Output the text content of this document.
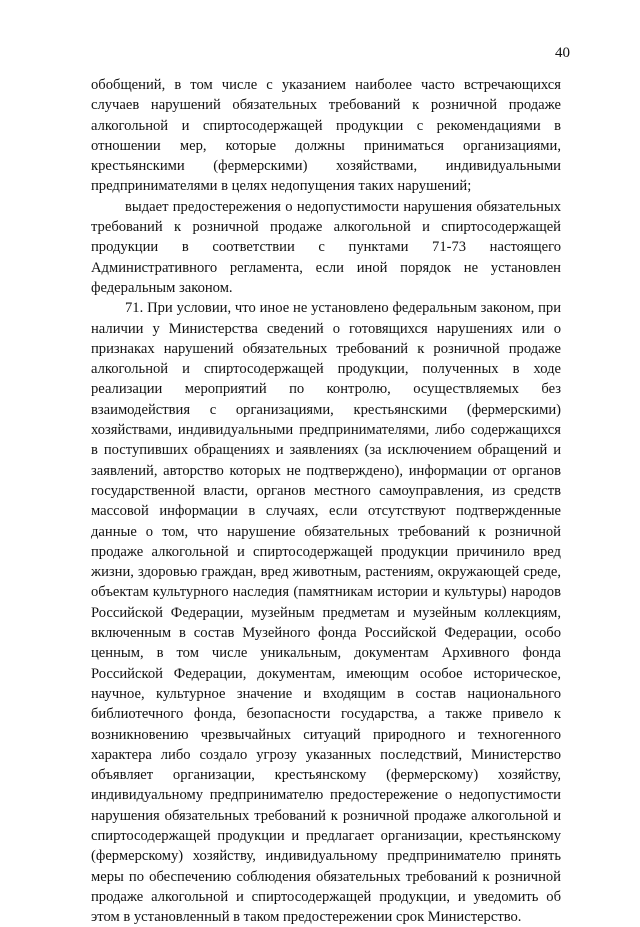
40

обобщений, в том числе с указанием наиболее часто встречающихся случаев нарушений обязательных требований к розничной продаже алкогольной и спиртосодержащей продукции с рекомендациями в отношении мер, которые должны приниматься организациями, крестьянскими (фермерскими) хозяйствами, индивидуальными предпринимателями в целях недопущения таких нарушений;

выдает предостережения о недопустимости нарушения обязательных требований к розничной продаже алкогольной и спиртосодержащей продукции в соответствии с пунктами 71-73 настоящего Административного регламента, если иной порядок не установлен федеральным законом.

71. При условии, что иное не установлено федеральным законом, при наличии у Министерства сведений о готовящихся нарушениях или о признаках нарушений обязательных требований к розничной продаже алкогольной и спиртосодержащей продукции, полученных в ходе реализации мероприятий по контролю, осуществляемых без взаимодействия с организациями, крестьянскими (фермерскими) хозяйствами, индивидуальными предпринимателями, либо содержащихся в поступивших обращениях и заявлениях (за исключением обращений и заявлений, авторство которых не подтверждено), информации от органов государственной власти, органов местного самоуправления, из средств массовой информации в случаях, если отсутствуют подтвержденные данные о том, что нарушение обязательных требований к розничной продаже алкогольной и спиртосодержащей продукции причинило вред жизни, здоровью граждан, вред животным, растениям, окружающей среде, объектам культурного наследия (памятникам истории и культуры) народов Российской Федерации, музейным предметам и музейным коллекциям, включенным в состав Музейного фонда Российской Федерации, особо ценным, в том числе уникальным, документам Архивного фонда Российской Федерации, документам, имеющим особое историческое, научное, культурное значение и входящим в состав национального библиотечного фонда, безопасности государства, а также привело к возникновению чрезвычайных ситуаций природного и техногенного характера либо создало угрозу указанных последствий, Министерство объявляет организации, крестьянскому (фермерскому) хозяйству, индивидуальному предпринимателю предостережение о недопустимости нарушения обязательных требований к розничной продаже алкогольной и спиртосодержащей продукции и предлагает организации, крестьянскому (фермерскому) хозяйству, индивидуальному предпринимателю принять меры по обеспечению соблюдения обязательных требований к розничной продаже алкогольной и спиртосодержащей продукции, и уведомить об этом в установленный в таком предостережении срок Министерство.
